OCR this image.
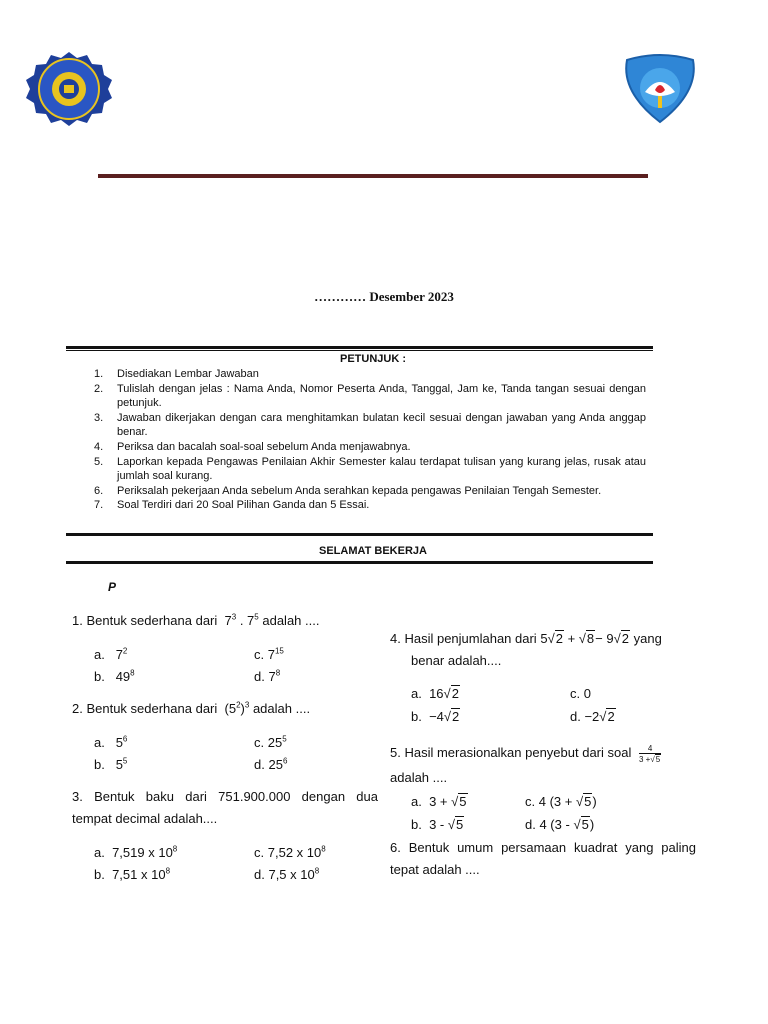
………… Desember 2023
PETUNJUK :
1. Disediakan Lembar Jawaban
2. Tulislah dengan jelas : Nama Anda, Nomor Peserta Anda, Tanggal, Jam ke, Tanda tangan sesuai dengan petunjuk.
3. Jawaban dikerjakan dengan cara menghitamkan bulatan kecil sesuai dengan jawaban yang Anda anggap benar.
4. Periksa dan bacalah soal-soal sebelum Anda menjawabnya.
5. Laporkan kepada Pengawas Penilaian Akhir Semester kalau terdapat tulisan yang kurang jelas, rusak atau jumlah soal kurang.
6. Periksalah pekerjaan Anda sebelum Anda serahkan kepada pengawas Penilaian Tengah Semester.
7. Soal Terdiri dari 20 Soal Pilihan Ganda dan 5 Essai.
SELAMAT BEKERJA
P
1. Bentuk sederhana dari $7^3$ . $7^5$ adalah ....
a. $7^2$	c. $7^{15}$
b. $49^8$	d. $7^8$
2. Bentuk sederhana dari $(5^2)^3$ adalah ....
a. $5^6$	c. $25^5$
b. $5^5$	d. $25^6$
3. Bentuk baku dari 751.900.000 dengan dua
tempat decimal adalah....
a. 7,519 x $10^8$	c. 7,52 x $10^8$
b. 7,51 x $10^8$	d. 7,5 x $10^8$
4. Hasil penjumlahan dari 5√2 + √8− 9√2 yang
benar adalah....
a. 16√2	c. 0
b. −4√2	d. −2√2
5. Hasil merasionalkan penyebut dari soal $\frac{4}{3 +√5}$
adalah ....
a. 3 + √5	c. 4 (3 + √5)
b. 3 - √5	d. 4 (3 - √5)
6. Bentuk umum persamaan kuadrat yang paling
tepat adalah ....
